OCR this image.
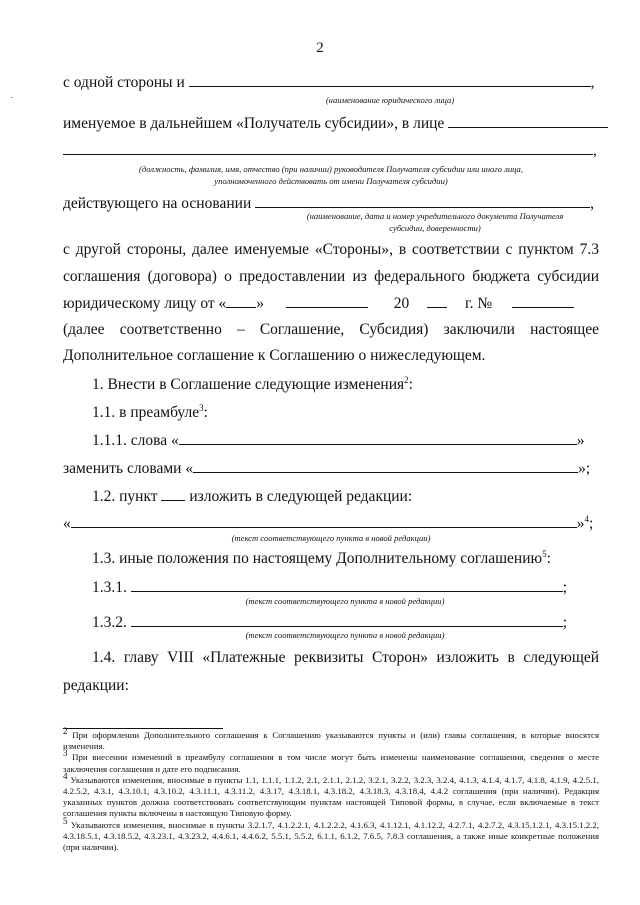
-
2
с одной стороны и	,
(наименование юридического лица)
именуемое в дальнейшем «Получатель субсидии», в лице
,
(должность, фамилия, имя, отчество (при наличии) руководителя Получателя субсидии или иного лица,
уполномоченного действовать от имени Получателя субсидии)
действующего на основании	,
(наименование, дата и номер учредительного документа Получателя
субсидии, доверенности)
с другой стороны, далее именуемые «Стороны», в соответствии с пунктом 7.3
соглашения (договора) о предоставлении из федерального бюджета субсидии
юридическому лицу от « »	20	г. №
(далее соответственно – Соглашение, Субсидия) заключили настоящее
Дополнительное соглашение к Соглашению о нижеследующем.
1. Внести в Соглашение следующие изменения$^2$:
1.1. в преамбуле$^3$:
1.1.1. слова «	»
заменить словами «	»;
1.2. пункт изложить в следующей редакции:
«	»$^4$;
(текст соответствующего пункта в новой редакции)
1.3. иные положения по настоящему Дополнительному соглашению$^5$:
1.3.1.	;
(текст соответствующего пункта в новой редакции)
1.3.2.	;
(текст соответствующего пункта в новой редакции)
1.4. главу VIII «Платежные реквизиты Сторон» изложить в следующей
редакции:

2 При оформлении Дополнительного соглашения к Соглашению указываются пункты и (или) главы соглашения, в которые вносятся изменения.

3 При внесении изменений в преамбулу соглашения в том числе могут быть изменены наименование соглашения, сведения о месте заключения соглашения и дате его подписания.

4 Указываются изменения, вносимые в пункты 1.1, 1.1.1, 1.1.2, 2.1, 2.1.1, 2.1.2, 3.2.1, 3.2.2, 3.2.3, 3.2.4, 4.1.3, 4.1.4, 4.1.7, 4.1.8, 4.1.9, 4.2.5.1, 4.2.5.2, 4.3.1, 4.3.10.1, 4.3.10.2, 4.3.11.1, 4.3.11.2, 4.3.17, 4.3.18.1, 4.3.18.2, 4.3.18.3, 4.3.18.4, 4.4.2 соглашения (при наличии). Редакция указанных пунктов должна соответствовать соответствующим пунктам настоящей Типовой формы, в случае, если включаемые в текст соглашения пункты включены в настоящую Типовую форму.

5 Указываются изменения, вносимые в пункты 3.2.1.7, 4.1.2.2.1, 4.1.2.2.2, 4.1.6.3, 4.1.12.1, 4.1.12.2, 4.2.7.1, 4.2.7.2, 4.3.15.1.2.1, 4.3.15.1.2.2, 4.3.18.5.1, 4.3.18.5.2, 4.3.23.1, 4.3.23.2, 4.4.6.1, 4.4.6.2, 5.5.1, 5.5.2, 6.1.1, 6.1.2, 7.6.5, 7.8.3 соглашения, а также иные конкретные положения (при наличии).
